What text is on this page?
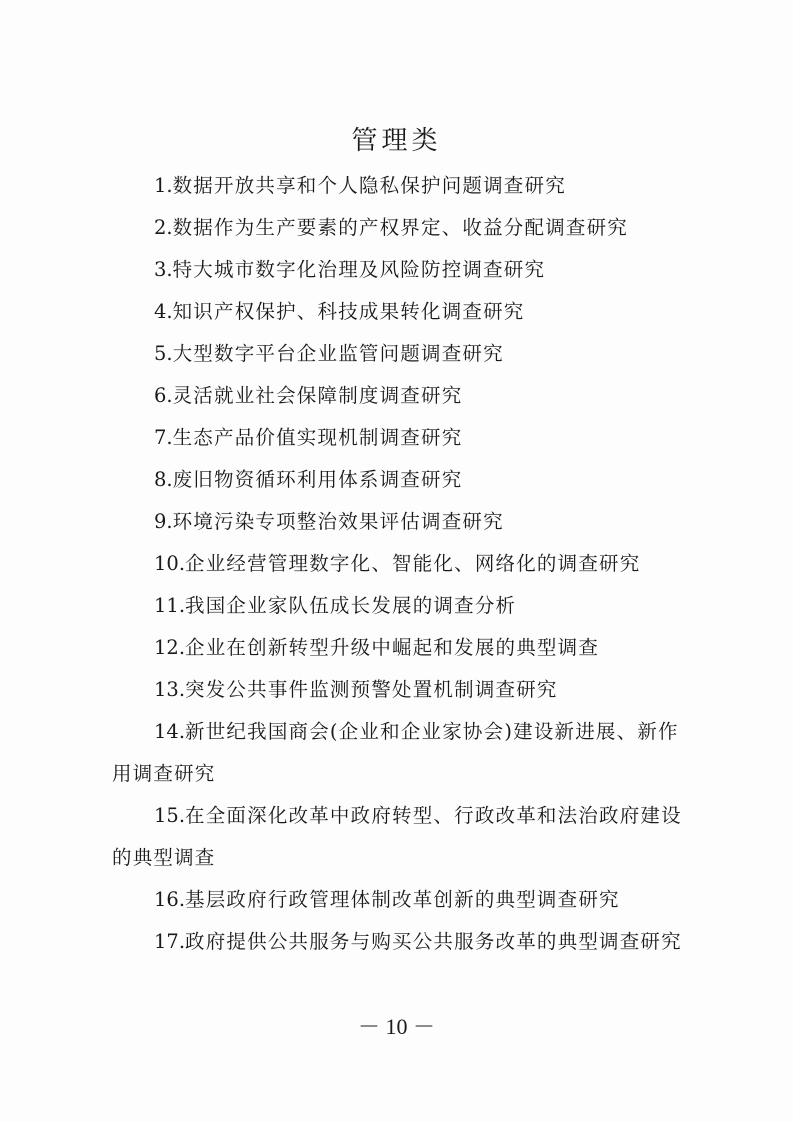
管理类
1.数据开放共享和个人隐私保护问题调查研究
2.数据作为生产要素的产权界定、收益分配调查研究
3.特大城市数字化治理及风险防控调查研究
4.知识产权保护、科技成果转化调查研究
5.大型数字平台企业监管问题调查研究
6.灵活就业社会保障制度调查研究
7.生态产品价值实现机制调查研究
8.废旧物资循环利用体系调查研究
9.环境污染专项整治效果评估调查研究
10.企业经营管理数字化、智能化、网络化的调查研究
11.我国企业家队伍成长发展的调查分析
12.企业在创新转型升级中崛起和发展的典型调查
13.突发公共事件监测预警处置机制调查研究
14.新世纪我国商会(企业和企业家协会)建设新进展、新作用调查研究
15.在全面深化改革中政府转型、行政改革和法治政府建设的典型调查
16.基层政府行政管理体制改革创新的典型调查研究
17.政府提供公共服务与购买公共服务改革的典型调查研究
－ 10 －
